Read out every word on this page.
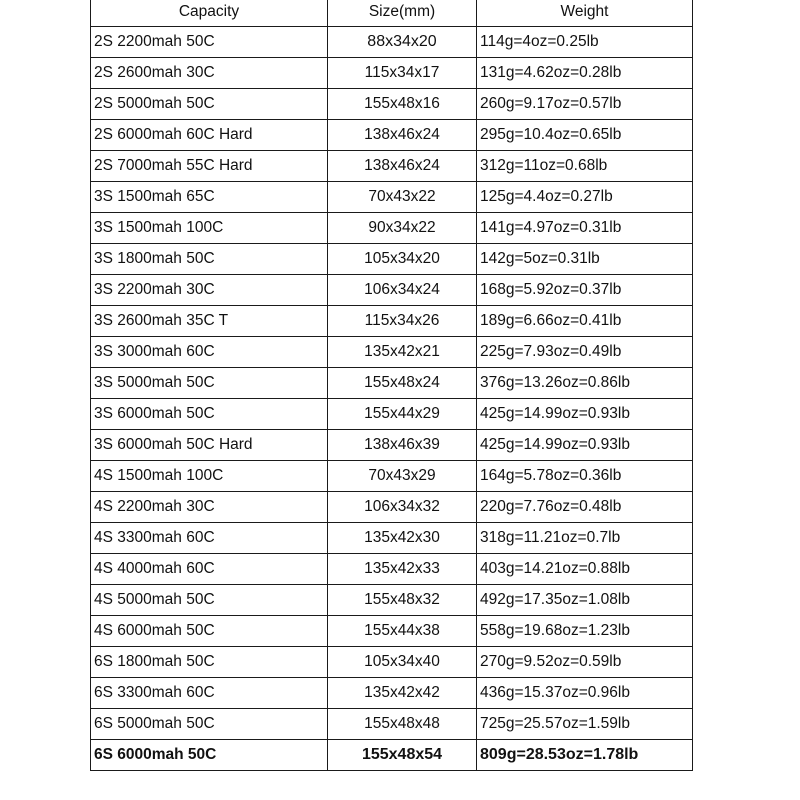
Capacity	Size(mm)	Weight
2S 2200mah 50C	88x34x20	114g=4oz=0.25lb
2S 2600mah 30C	115x34x17	131g=4.62oz=0.28lb
2S 5000mah 50C	155x48x16	260g=9.17oz=0.57lb
2S 6000mah 60C Hard	138x46x24	295g=10.4oz=0.65lb
2S 7000mah 55C Hard	138x46x24	312g=11oz=0.68lb
3S 1500mah 65C	70x43x22	125g=4.4oz=0.27lb
3S 1500mah 100C	90x34x22	141g=4.97oz=0.31lb
3S 1800mah 50C	105x34x20	142g=5oz=0.31lb
3S 2200mah 30C	106x34x24	168g=5.92oz=0.37lb
3S 2600mah 35C T	115x34x26	189g=6.66oz=0.41lb
3S 3000mah 60C	135x42x21	225g=7.93oz=0.49lb
3S 5000mah 50C	155x48x24	376g=13.26oz=0.86lb
3S 6000mah 50C	155x44x29	425g=14.99oz=0.93lb
3S 6000mah 50C Hard	138x46x39	425g=14.99oz=0.93lb
4S 1500mah 100C	70x43x29	164g=5.78oz=0.36lb
4S 2200mah 30C	106x34x32	220g=7.76oz=0.48lb
4S 3300mah 60C	135x42x30	318g=11.21oz=0.7lb
4S 4000mah 60C	135x42x33	403g=14.21oz=0.88lb
4S 5000mah 50C	155x48x32	492g=17.35oz=1.08lb
4S 6000mah 50C	155x44x38	558g=19.68oz=1.23lb
6S 1800mah 50C	105x34x40	270g=9.52oz=0.59lb
6S 3300mah 60C	135x42x42	436g=15.37oz=0.96lb
6S 5000mah 50C	155x48x48	725g=25.57oz=1.59lb
6S 6000mah 50C	155x48x54	809g=28.53oz=1.78lb
